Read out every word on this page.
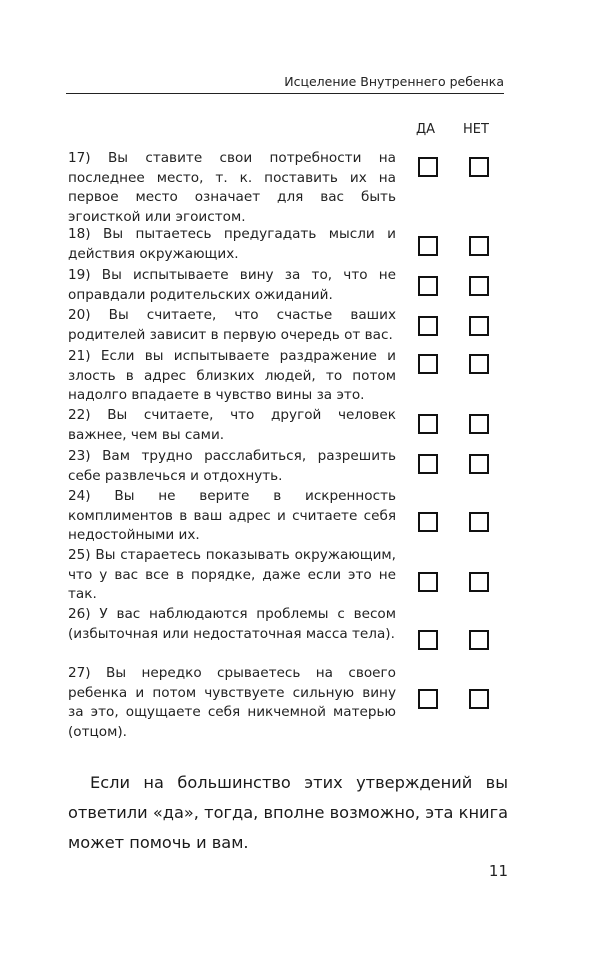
Исцеление Внутреннего ребенка
ДА НЕТ
17) Вы ставите свои потребности на последнее место, т. к. поставить их на первое место означает для вас быть эгоисткой или эгоистом.
18) Вы пытаетесь предугадать мысли и действия окружающих.
19) Вы испытываете вину за то, что не оправдали родительских ожиданий.
20) Вы считаете, что счастье ваших родителей зависит в первую очередь от вас.
21) Если вы испытываете раздражение и злость в адрес близких людей, то потом надолго впадаете в чувство вины за это.
22) Вы считаете, что другой человек важнее, чем вы сами.
23) Вам трудно расслабиться, разрешить себе развлечься и отдохнуть.
24) Вы не верите в искренность комплиментов в ваш адрес и считаете себя недостойными их.
25) Вы стараетесь показывать окружающим, что у вас все в порядке, даже если это не так.
26) У вас наблюдаются проблемы с весом (избыточная или недостаточная масса тела).
27) Вы нередко срываетесь на своего ребенка и потом чувствуете сильную вину за это, ощущаете себя никчемной матерью (отцом).
Если на большинство этих утверждений вы ответили «да», тогда, вполне возможно, эта книга может помочь и вам.
11
